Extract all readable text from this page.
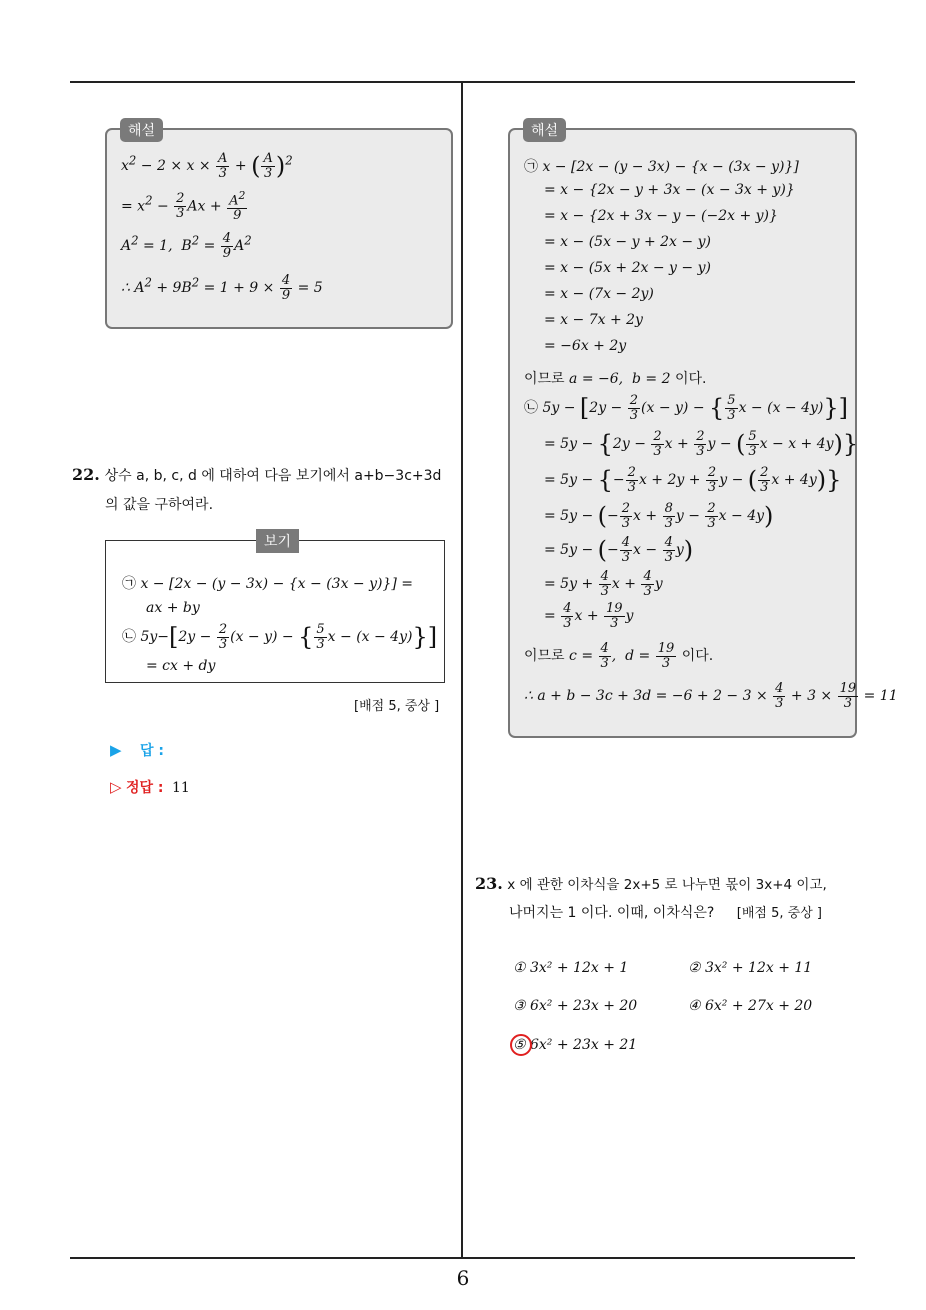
$x^2 - 2 \times x \times \frac{A}{3}$ + ( $\frac{A}{3} )^2$
= $x^2 - \frac{2}{3}$ $Ax + \frac{A^2}{9}$
$A^2 = 1$,  $B^2 = \frac{4}{9} A^2$
∴ $A^2 + 9B^2 = 1 + 9 \times \frac{4}{9} = 5$
해설
22. 상수 a, b, c, d 에 대하여 다음 보기에서 a+b−3c+3d
의 값을 구하여라.
㉠ x − [2x − (y − 3x) − {x − (3x − y)}] =
ax + by
㉡ $5y-[2y - \frac{2}{3} (x - y)$ − { $\frac{5}{3}$ x − (x − 4y)}]
= cx + dy
보기
[배점 5, 중상 ]
▶ 답 :
▷ 정답 : 11
㉠ x − [2x − (y − 3x) − {x − (3x − y)}]
= x − {2x − y + 3x − (x − 3x + y)}
= x − {2x + 3x − y − (−2x + y)}
= x − (5x − y + 2x − y)
= x − (5x + 2x − y − y)
= x − (7x − 2y)
= x − 7x + 2y
= −6x + 2y
이므로 a = −6,  b = 2 이다.
㉡ $5y - [2y - \frac{2}{3} (x - y)$ − { $\frac{5}{3}$ x − (x − 4y)}]
= $5y - \{2y - \frac{2}{3}$ $x + \frac{2}{3}$ y − ( $\frac{5}{3}$ x − x + 4y)}
= 5y − {− $\frac{2}{3}$ $x + 2y + \frac{2}{3}$ y − ( $\frac{2}{3}$ x + 4y)}
= 5y − (− $\frac{2}{3}$ $x + \frac{8}{3}$ $y - \frac{2}{3}$ x − 4y)
= 5y − (− $\frac{4}{3}$ $x - \frac{4}{3} y$)
= $5y + \frac{4}{3}$ $x + \frac{4}{3}$ y
= $\frac{4}{3}$ $x + \frac{19}{3}$ y
이므로 $c = \frac{4}{3}$ ,  $d = \frac{19}{3}$ 이다.
∴ $a + b - 3c + 3d = -6 + 2 - 3 \times \frac{4}{3} + 3 \times \frac{19}{3} = 11$
해설
23. x 에 관한 이차식을 2x+5 로 나누면 몫이 3x+4 이고,
나머지는 1 이다. 이때, 이차식은? [배점 5, 중상 ]
① 3x² + 12x + 1	② 3x² + 12x + 11
③ 6x² + 23x + 20	④ 6x² + 27x + 20
⑤ 6x² + 23x + 21
6
